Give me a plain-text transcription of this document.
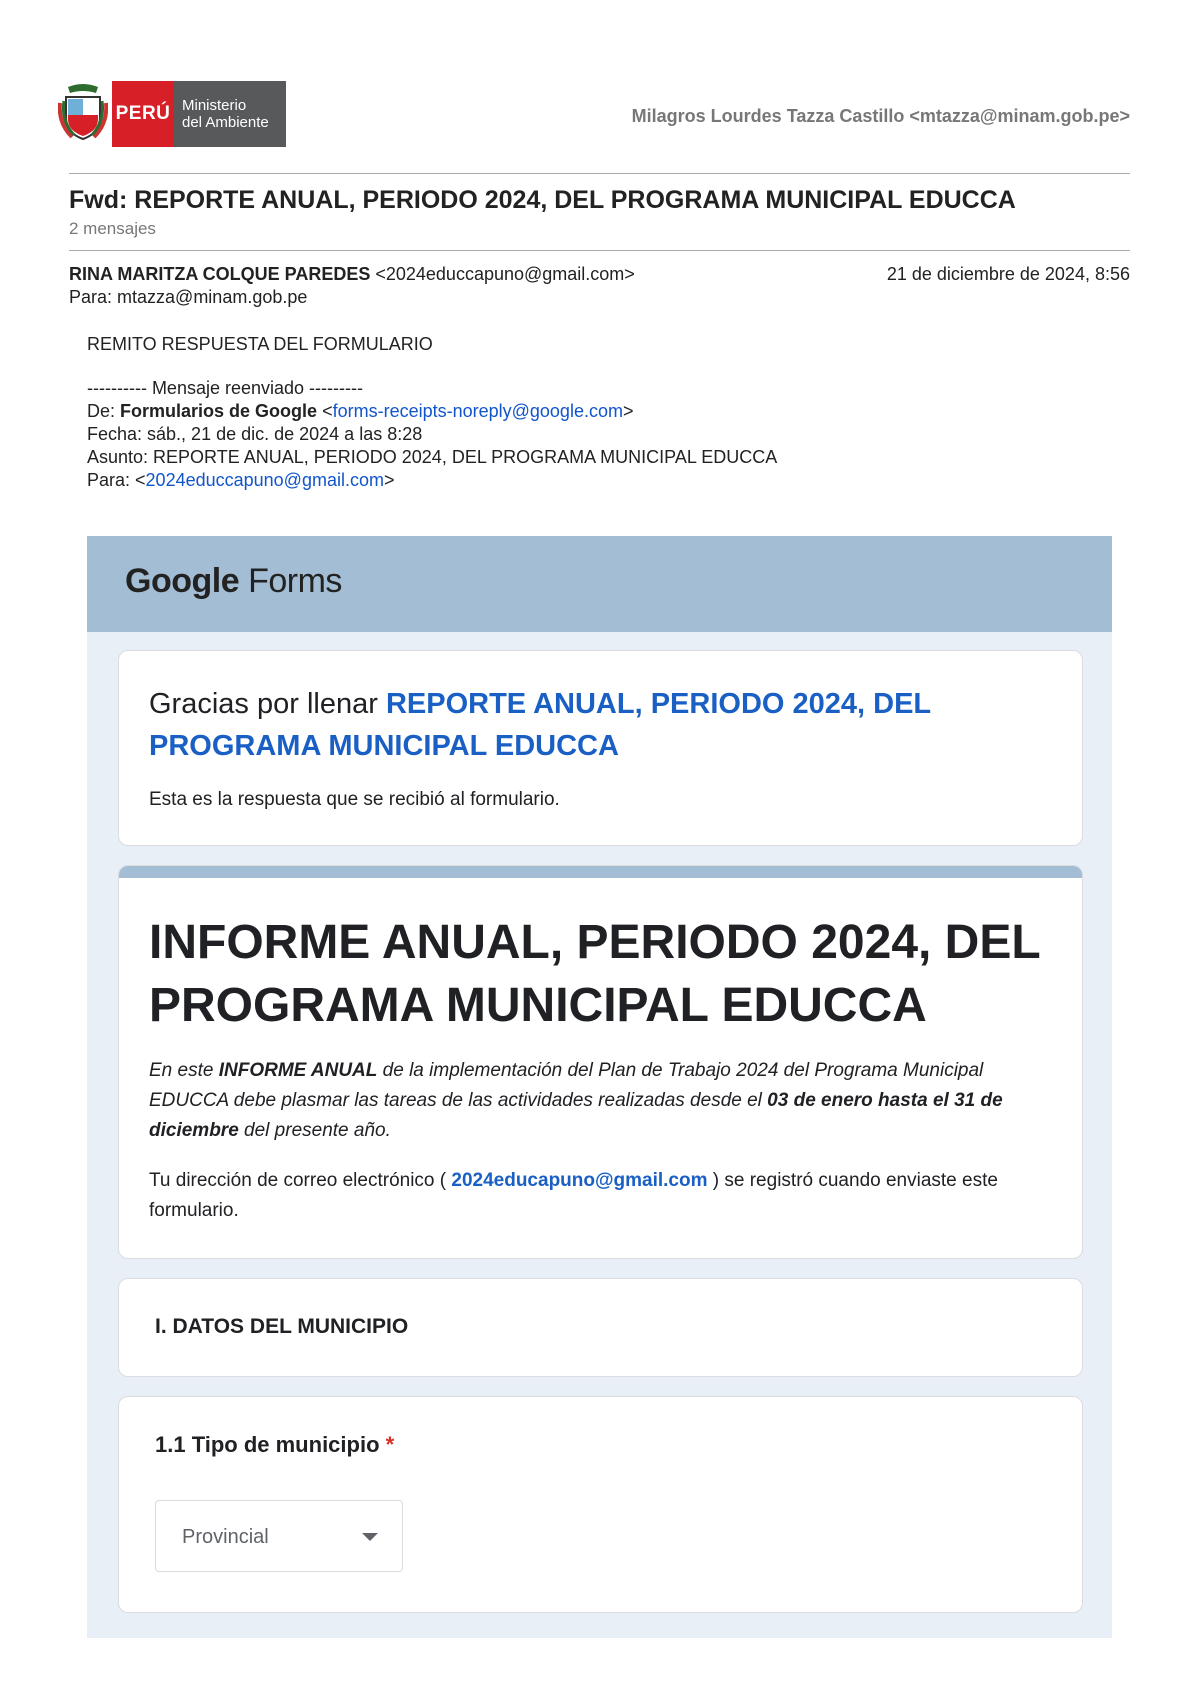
PERÚ Ministerio
del Ambiente	Milagros Lourdes Tazza Castillo <mtazza@minam.gob.pe>
Fwd: REPORTE ANUAL, PERIODO 2024, DEL PROGRAMA MUNICIPAL EDUCCA
2 mensajes
RINA MARITZA COLQUE PAREDES <2024educcapuno@gmail.com>	21 de diciembre de 2024, 8:56
Para: mtazza@minam.gob.pe
REMITO RESPUESTA DEL FORMULARIO
---------- Mensaje reenviado ---------
De: Formularios de Google <forms-receipts-noreply@google.com>
Fecha: sáb., 21 de dic. de 2024 a las 8:28
Asunto: REPORTE ANUAL, PERIODO 2024, DEL PROGRAMA MUNICIPAL EDUCCA
Para: <2024educcapuno@gmail.com>
Google Forms
Gracias por llenar REPORTE ANUAL, PERIODO 2024, DEL PROGRAMA MUNICIPAL EDUCCA
Esta es la respuesta que se recibió al formulario.
INFORME ANUAL, PERIODO 2024, DEL PROGRAMA MUNICIPAL EDUCCA
En este INFORME ANUAL de la implementación del Plan de Trabajo 2024 del Programa Municipal EDUCCA debe plasmar las tareas de las actividades realizadas desde el 03 de enero hasta el 31 de diciembre del presente año.
Tu dirección de correo electrónico ( 2024educapuno@gmail.com ) se registró cuando enviaste este formulario.
I. DATOS DEL MUNICIPIO
1.1 Tipo de municipio *
Provincial
